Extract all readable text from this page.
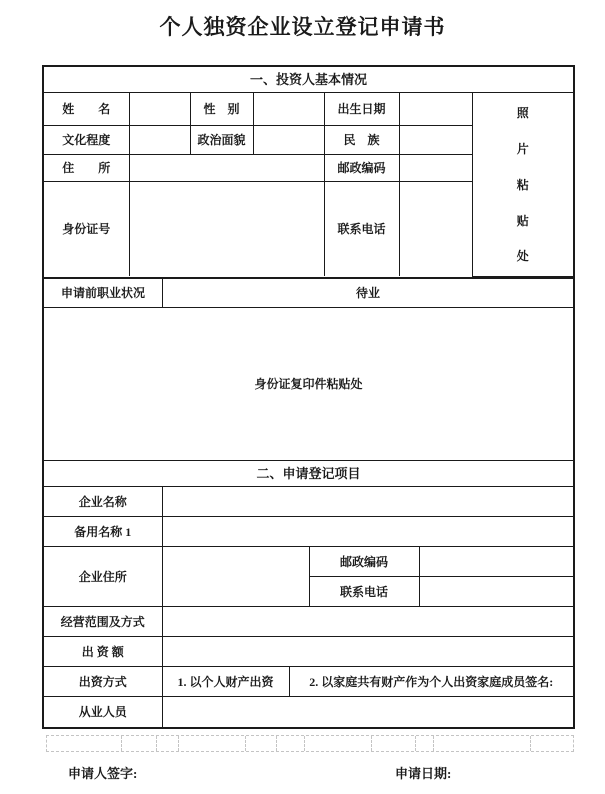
个人独资企业设立登记申请书
一、投资人基本情况
姓　　名		性　别		出生日期		照
片
粘
贴
处

文化程度		政治面貌		民　族		
住　　所				邮政编码		
身份证号				联系电话		
申请前职业状况	待业
身份证复印件粘贴处
二、申请登记项目
企业名称				
备用名称 1				
企业住所			邮政编码	
			联系电话	
经营范围及方式				
出 资 额				
出资方式	1. 以个人财产出资	2. 以家庭共有财产作为个人出资家庭成员签名:		
从业人员				
申请人签字:	申请日期:
